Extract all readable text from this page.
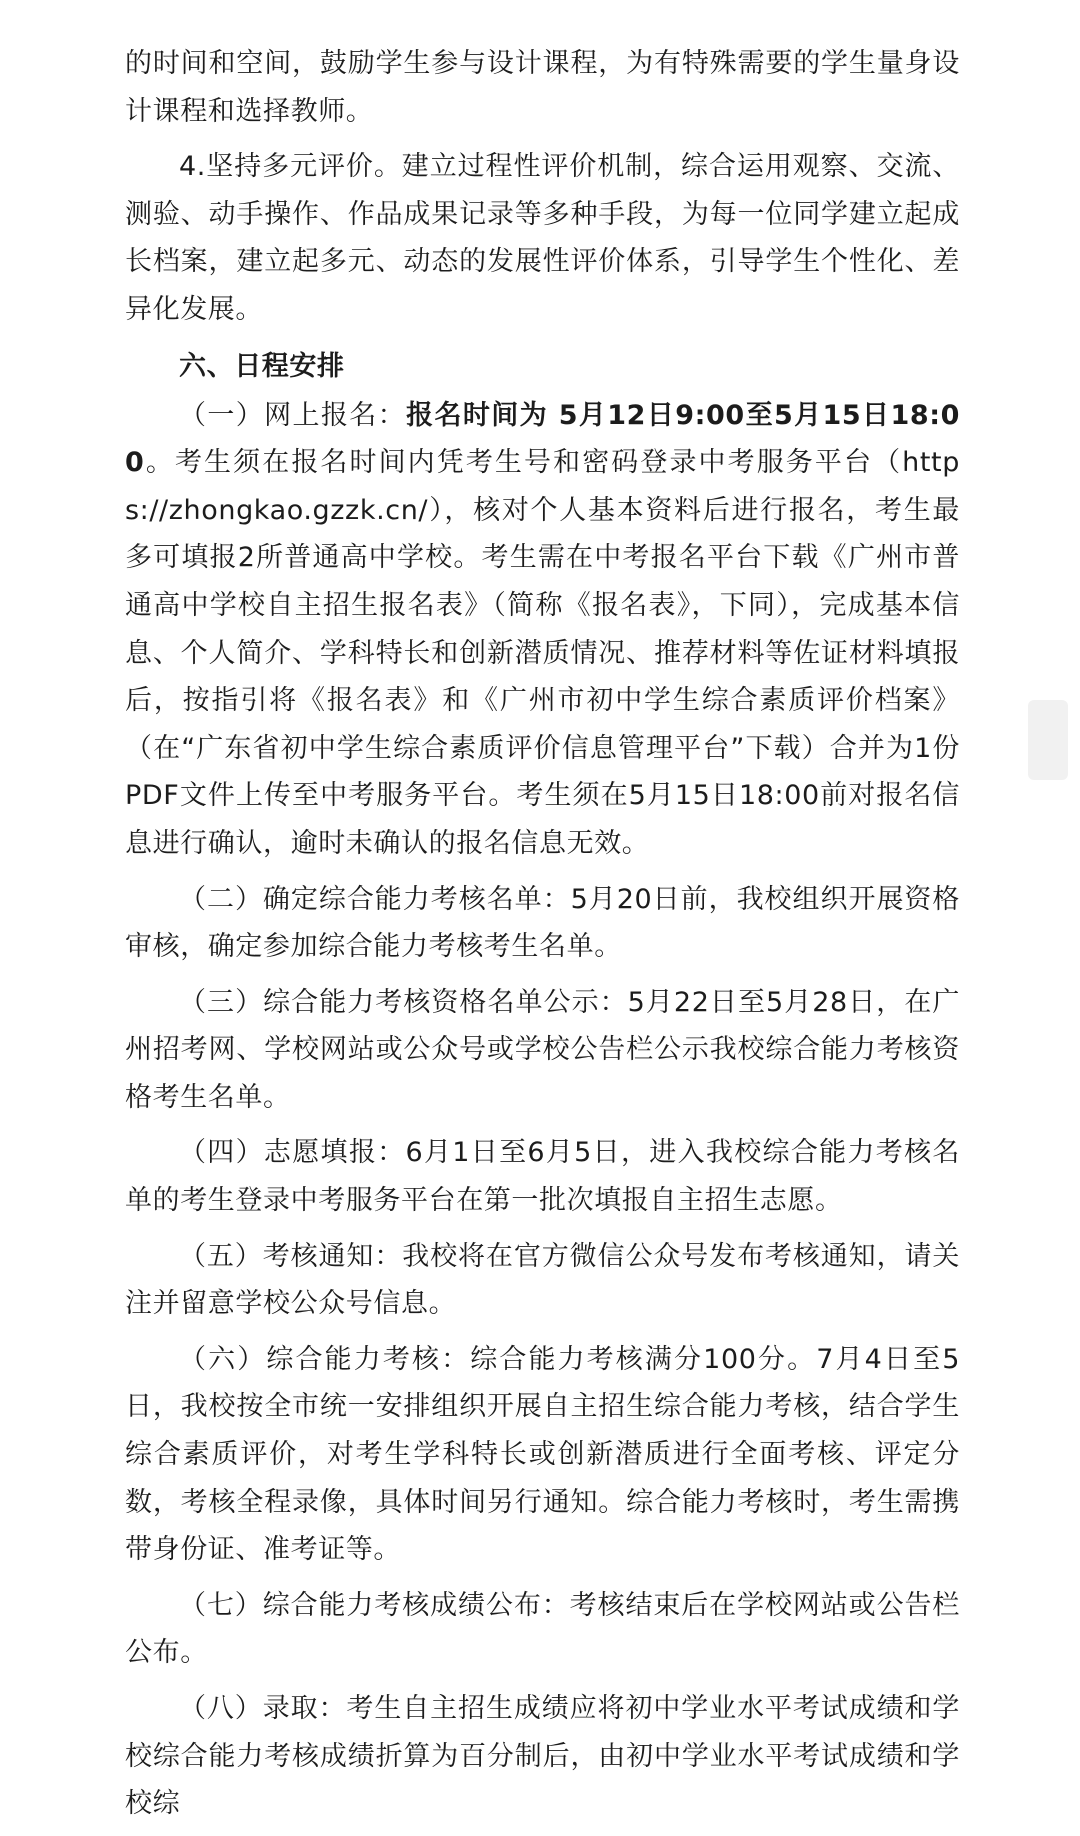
的时间和空间，鼓励学生参与设计课程，为有特殊需要的学生量身设计课程和选择教师。

4.坚持多元评价。建立过程性评价机制，综合运用观察、交流、测验、动手操作、作品成果记录等多种手段，为每一位同学建立起成长档案，建立起多元、动态的发展性评价体系，引导学生个性化、差异化发展。

六、日程安排

（一）网上报名：报名时间为 5月12日9:00至5月15日18:00。考生须在报名时间内凭考生号和密码登录中考服务平台（https://zhongkao.gzzk.cn/），核对个人基本资料后进行报名，考生最多可填报2所普通高中学校。考生需在中考报名平台下载《广州市普通高中学校自主招生报名表》（简称《报名表》，下同），完成基本信息、个人简介、学科特长和创新潜质情况、推荐材料等佐证材料填报后，按指引将《报名表》和《广州市初中学生综合素质评价档案》（在“广东省初中学生综合素质评价信息管理平台”下载）合并为1份PDF文件上传至中考服务平台。考生须在5月15日18:00前对报名信息进行确认，逾时未确认的报名信息无效。

（二）确定综合能力考核名单：5月20日前，我校组织开展资格审核，确定参加综合能力考核考生名单。

（三）综合能力考核资格名单公示：5月22日至5月28日，在广州招考网、学校网站或公众号或学校公告栏公示我校综合能力考核资格考生名单。

（四）志愿填报：6月1日至6月5日，进入我校综合能力考核名单的考生登录中考服务平台在第一批次填报自主招生志愿。

（五）考核通知：我校将在官方微信公众号发布考核通知，请关注并留意学校公众号信息。

（六）综合能力考核：综合能力考核满分100分。7月4日至5日，我校按全市统一安排组织开展自主招生综合能力考核，结合学生综合素质评价，对考生学科特长或创新潜质进行全面考核、评定分数，考核全程录像，具体时间另行通知。综合能力考核时，考生需携带身份证、准考证等。

（七）综合能力考核成绩公布：考核结束后在学校网站或公告栏公布。

（八）录取：考生自主招生成绩应将初中学业水平考试成绩和学校综合能力考核成绩折算为百分制后，由初中学业水平考试成绩和学校综
